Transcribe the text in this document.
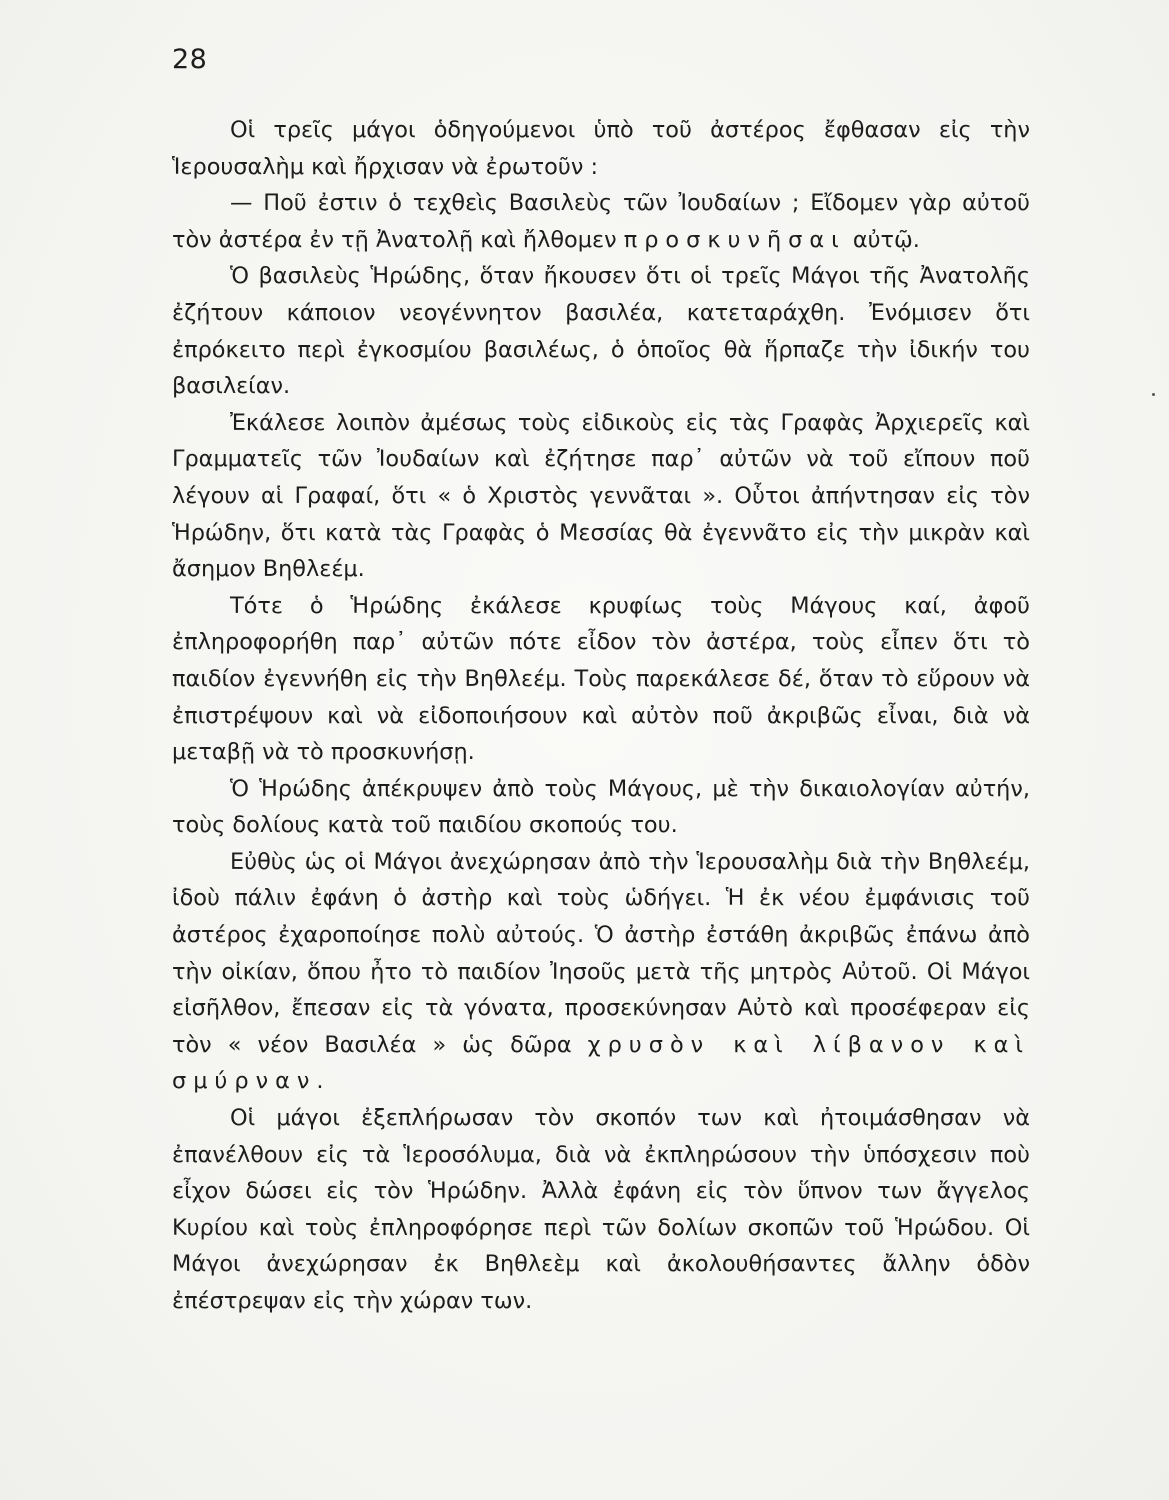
28

Οἱ τρεῖς μάγοι ὁδηγούμενοι ὑπὸ τοῦ ἀστέρος ἔφθασαν εἰς τὴν Ἱερουσαλὴμ καὶ ἤρχισαν νὰ ἐρωτοῦν :

— Ποῦ ἐστιν ὁ τεχθεὶς Βασιλεὺς τῶν Ἰουδαίων ; Εἴδομεν γὰρ αὐτοῦ τὸν ἀστέρα ἐν τῇ Ἀνατολῇ καὶ ἤλθομεν προσκυνῆσαι αὐτῷ.

Ὁ βασιλεὺς Ἡρώδης, ὅταν ἤκουσεν ὅτι οἱ τρεῖς Μάγοι τῆς Ἀνατολῆς ἐζήτουν κάποιον νεογέννητον βασιλέα, κατεταράχθη. Ἐνόμισεν ὅτι ἐπρόκειτο περὶ ἐγκοσμίου βασιλέως, ὁ ὁποῖος θὰ ἥρπαζε τὴν ἰδικήν του βασιλείαν.

Ἐκάλεσε λοιπὸν ἀμέσως τοὺς εἰδικοὺς εἰς τὰς Γραφὰς Ἀρχιερεῖς καὶ Γραμματεῖς τῶν Ἰουδαίων καὶ ἐζήτησε παρ᾿ αὐτῶν νὰ τοῦ εἴπουν ποῦ λέγουν αἱ Γραφαί, ὅτι « ὁ Χριστὸς γεννᾶται ». Οὗτοι ἀπήντησαν εἰς τὸν Ἡρώδην, ὅτι κατὰ τὰς Γραφὰς ὁ Μεσσίας θὰ ἐγεννᾶτο εἰς τὴν μικρὰν καὶ ἄσημον Βηθλεέμ.

Τότε ὁ Ἡρώδης ἐκάλεσε κρυφίως τοὺς Μάγους καί, ἀφοῦ ἐπληροφορήθη παρ᾿ αὐτῶν πότε εἶδον τὸν ἀστέρα, τοὺς εἶπεν ὅτι τὸ παιδίον ἐγεννήθη εἰς τὴν Βηθλεέμ. Τοὺς παρεκάλεσε δέ, ὅταν τὸ εὕρουν νὰ ἐπιστρέψουν καὶ νὰ εἰδοποιήσουν καὶ αὐτὸν ποῦ ἀκριβῶς εἶναι, διὰ νὰ μεταβῇ νὰ τὸ προσκυνήσῃ.

Ὁ Ἡρώδης ἀπέκρυψεν ἀπὸ τοὺς Μάγους, μὲ τὴν δικαιολογίαν αὐτήν, τοὺς δολίους κατὰ τοῦ παιδίου σκοπούς του.

Εὐθὺς ὡς οἱ Μάγοι ἀνεχώρησαν ἀπὸ τὴν Ἱερουσαλὴμ διὰ τὴν Βηθλεέμ, ἰδοὺ πάλιν ἐφάνη ὁ ἀστὴρ καὶ τοὺς ὡδήγει. Ἡ ἐκ νέου ἐμφάνισις τοῦ ἀστέρος ἐχαροποίησε πολὺ αὐτούς. Ὁ ἀστὴρ ἐστάθη ἀκριβῶς ἐπάνω ἀπὸ τὴν οἰκίαν, ὅπου ἦτο τὸ παιδίον Ἰησοῦς μετὰ τῆς μητρὸς Αὐτοῦ. Οἱ Μάγοι εἰσῆλθον, ἔπεσαν εἰς τὰ γόνατα, προσεκύνησαν Αὐτὸ καὶ προσέφεραν εἰς τὸν « νέον Βασιλέα » ὡς δῶρα χρυσὸν καὶ λίβανον καὶ σμύρναν.

Οἱ μάγοι ἐξεπλήρωσαν τὸν σκοπόν των καὶ ἠτοιμάσθησαν νὰ ἐπανέλθουν εἰς τὰ Ἱεροσόλυμα, διὰ νὰ ἐκπληρώσουν τὴν ὑπόσχεσιν ποὺ εἶχον δώσει εἰς τὸν Ἡρώδην. Ἀλλὰ ἐφάνη εἰς τὸν ὕπνον των ἄγγελος Κυρίου καὶ τοὺς ἐπληροφόρησε περὶ τῶν δολίων σκοπῶν τοῦ Ἡρώδου. Οἱ Μάγοι ἀνεχώρησαν ἐκ Βηθλεὲμ καὶ ἀκολουθήσαντες ἄλλην ὁδὸν ἐπέστρεψαν εἰς τὴν χώραν των.
